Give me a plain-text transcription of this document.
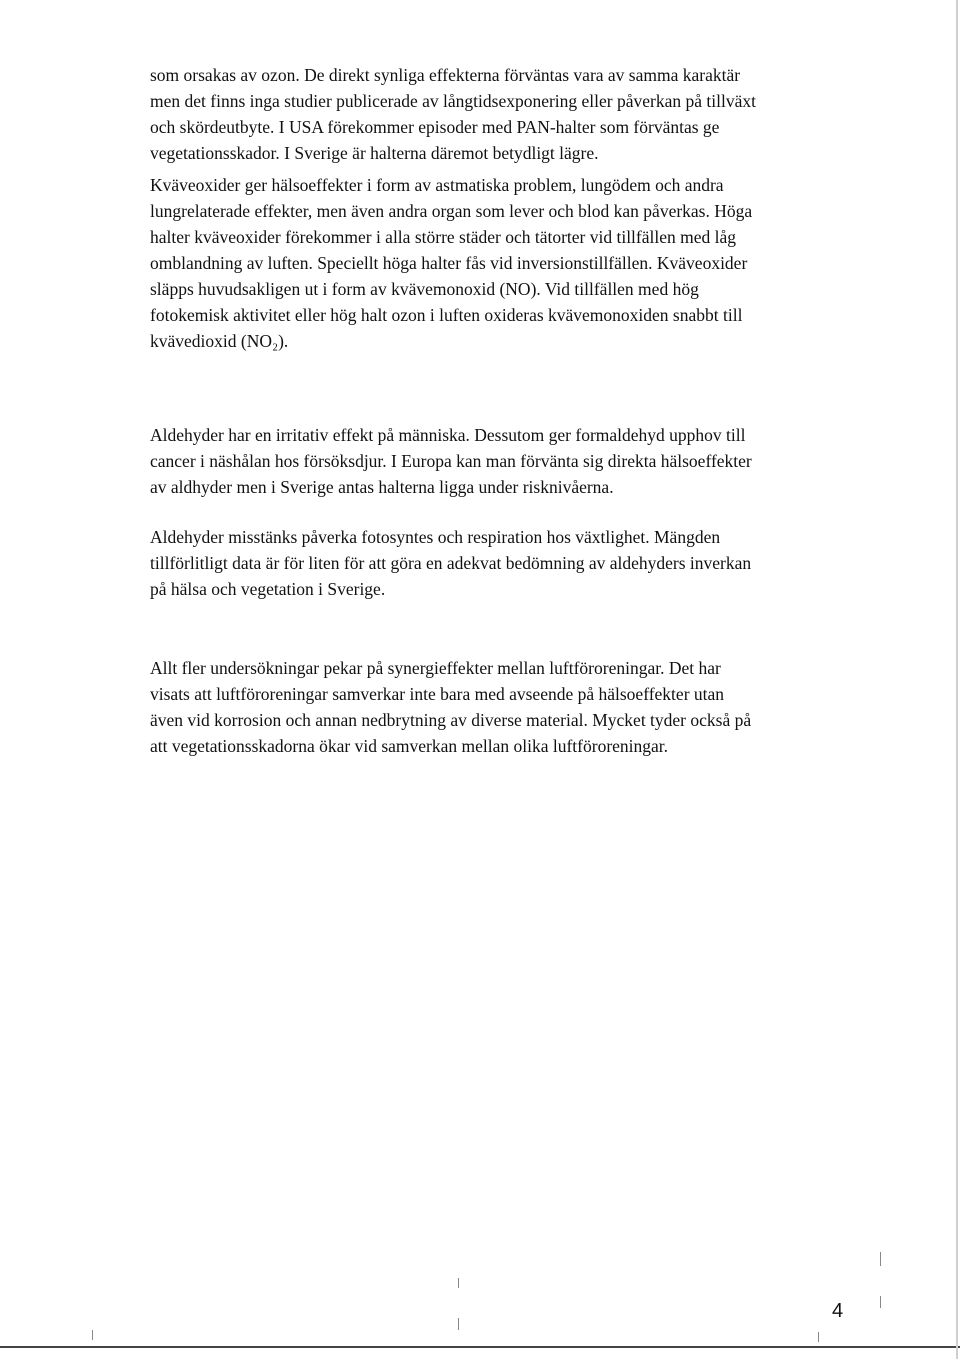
som orsakas av ozon. De direkt synliga effekterna förväntas vara av samma karaktär
men det finns inga studier publicerade av långtidsexponering eller påverkan på tillväxt
och skördeutbyte. I USA förekommer episoder med PAN-halter som förväntas ge
vegetationsskador. I Sverige är halterna däremot betydligt lägre.
Kväveoxider ger hälsoeffekter i form av astmatiska problem, lungödem och andra
lungrelaterade effekter, men även andra organ som lever och blod kan påverkas. Höga
halter kväveoxider förekommer i alla större städer och tätorter vid tillfällen med låg
omblandning av luften. Speciellt höga halter fås vid inversionstillfällen. Kväveoxider
släpps huvudsakligen ut i form av kvävemonoxid (NO). Vid tillfällen med hög
fotokemisk aktivitet eller hög halt ozon i luften oxideras kvävemonoxiden snabbt till
kvävedioxid (NO₂).
Aldehyder har en irritativ effekt på människa. Dessutom ger formaldehyd upphov till
cancer i näshålan hos försöksdjur. I Europa kan man förvänta sig direkta hälsoeffekter
av aldhyder men i Sverige antas halterna ligga under risknivåerna.
Aldehyder misstänks påverka fotosyntes och respiration hos växtlighet. Mängden
tillförlitligt data är för liten för att göra en adekvat bedömning av aldehyders inverkan
på hälsa och vegetation i Sverige.
Allt fler undersökningar pekar på synergieffekter mellan luftföroreningar. Det har
visats att luftföroreningar samverkar inte bara med avseende på hälsoeffekter utan
även vid korrosion och annan nedbrytning av diverse material. Mycket tyder också på
att vegetationsskadorna ökar vid samverkan mellan olika luftföroreningar.
4
